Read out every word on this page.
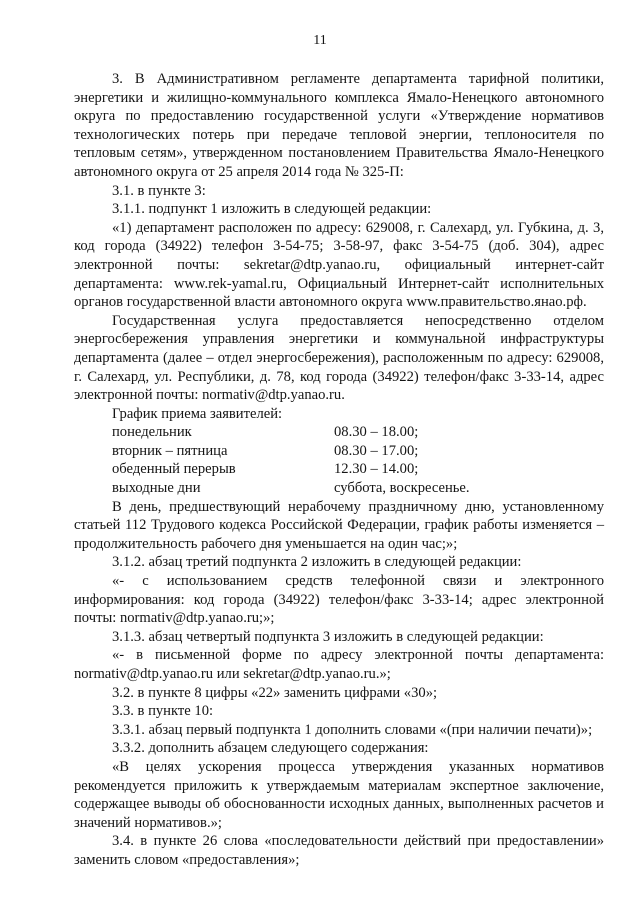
11

3. В Административном регламенте департамента тарифной политики, энергетики и жилищно-коммунального комплекса Ямало-Ненецкого автономного округа по предоставлению государственной услуги «Утверждение нормативов технологических потерь при передаче тепловой энергии, теплоносителя по тепловым сетям», утвержденном постановлением Правительства Ямало-Ненецкого автономного округа от 25 апреля 2014 года № 325-П:

3.1. в пункте 3:

3.1.1. подпункт 1 изложить в следующей редакции:

«1) департамент расположен по адресу: 629008, г. Салехард, ул. Губкина, д. 3, код города (34922) телефон 3-54-75; 3-58-97, факс 3-54-75 (доб. 304), адрес электронной почты: sekretar@dtp.yanao.ru, официальный интернет-сайт департамента: www.rek-yamal.ru, Официальный Интернет-сайт исполнительных органов государственной власти автономного округа www.правительство.янао.рф.

Государственная услуга предоставляется непосредственно отделом энергосбережения управления энергетики и коммунальной инфраструктуры департамента (далее – отдел энергосбережения), расположенным по адресу: 629008, г. Салехард, ул. Республики, д. 78, код города (34922) телефон/факс 3-33-14, адрес электронной почты: normativ@dtp.yanao.ru.

График приема заявителей:

понедельник	08.30 – 18.00;
вторник – пятница	08.30 – 17.00;
обеденный перерыв	12.30 – 14.00;
выходные дни	суббота, воскресенье.

В день, предшествующий нерабочему праздничному дню, установленному статьей 112 Трудового кодекса Российской Федерации, график работы изменяется – продолжительность рабочего дня уменьшается на один час;»;

3.1.2. абзац третий подпункта 2 изложить в следующей редакции:

«- с использованием средств телефонной связи и электронного информирования: код города (34922) телефон/факс 3-33-14; адрес электронной почты: normativ@dtp.yanao.ru;»;

3.1.3. абзац четвертый подпункта 3 изложить в следующей редакции:

«- в письменной форме по адресу электронной почты департамента: normativ@dtp.yanao.ru или sekretar@dtp.yanao.ru.»;

3.2. в пункте 8 цифры «22» заменить цифрами «30»;

3.3. в пункте 10:

3.3.1. абзац первый подпункта 1 дополнить словами «(при наличии печати)»;

3.3.2. дополнить абзацем следующего содержания:

«В целях ускорения процесса утверждения указанных нормативов рекомендуется приложить к утверждаемым материалам экспертное заключение, содержащее выводы об обоснованности исходных данных, выполненных расчетов и значений нормативов.»;

3.4. в пункте 26 слова «последовательности действий при предоставлении» заменить словом «предоставления»;
